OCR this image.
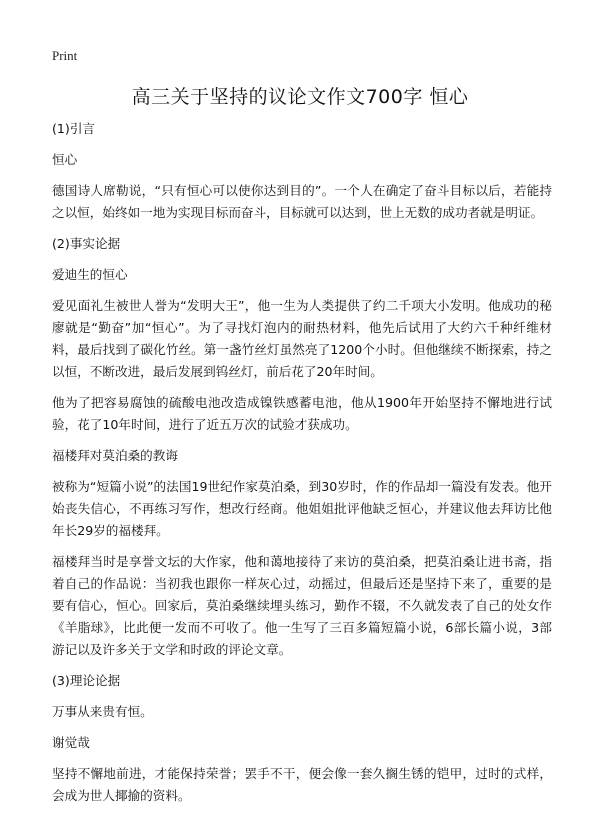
Print
高三关于坚持的议论文作文700字 恒心
(1)引言
恒心
德国诗人席勒说，“只有恒心可以使你达到目的”。一个人在确定了奋斗目标以后，若能持之以恒，始终如一地为实现目标而奋斗，目标就可以达到，世上无数的成功者就是明证。
(2)事实论据
爱迪生的恒心
爱见面礼生被世人誉为“发明大王”，他一生为人类提供了约二千项大小发明。他成功的秘廖就是“勤奋”加“恒心”。为了寻找灯泡内的耐热材料，他先后试用了大约六千种纤维材料，最后找到了碳化竹丝。第一盏竹丝灯虽然亮了1200个小时。但他继续不断探索，持之以恒，不断改进，最后发展到钨丝灯，前后花了20年时间。
他为了把容易腐蚀的硫酸电池改造成镍铁感蓄电池，他从1900年开始坚持不懈地进行试验，花了10年时间，进行了近五万次的试验才获成功。
福楼拜对莫泊桑的教诲
被称为“短篇小说”的法国19世纪作家莫泊桑，到30岁时，作的作品却一篇没有发表。他开始丧失信心，不再练习写作，想改行经商。他姐姐批评他缺乏恒心，并建议他去拜访比他年长29岁的福楼拜。
福楼拜当时是享誉文坛的大作家，他和蔼地接待了来访的莫泊桑，把莫泊桑让进书斋，指着自己的作品说：当初我也跟你一样灰心过，动摇过，但最后还是坚持下来了，重要的是要有信心，恒心。回家后，莫泊桑继续埋头练习，勤作不辍，不久就发表了自己的处女作《羊脂球》，比此便一发而不可收了。他一生写了三百多篇短篇小说，6部长篇小说，3部游记以及许多关于文学和时政的评论文章。
(3)理论论据
万事从来贵有恒。
谢觉哉
坚持不懈地前进，才能保持荣誉；罢手不干，便会像一套久搁生锈的铠甲，过时的式样，会成为世人揶揄的资料。
